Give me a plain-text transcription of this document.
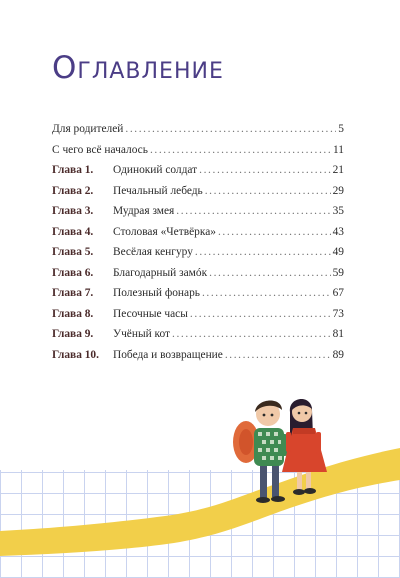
Оглавление
Для родителей .....	5
С чего всё началось .....	11
Глава 1.	Одинокий солдат .....	21
Глава 2.	Печальный лебедь .....	29
Глава 3.	Мудрая змея .....	35
Глава 4.	Столовая «Четвёрка» .....	43
Глава 5.	Весёлая кенгуру .....	49
Глава 6.	Благодарный замóк .....	59
Глава 7.	Полезный фонарь .....	67
Глава 8.	Песочные часы .....	73
Глава 9.	Учёный кот .....	81
Глава 10.	Победа и возвращение .....	89
